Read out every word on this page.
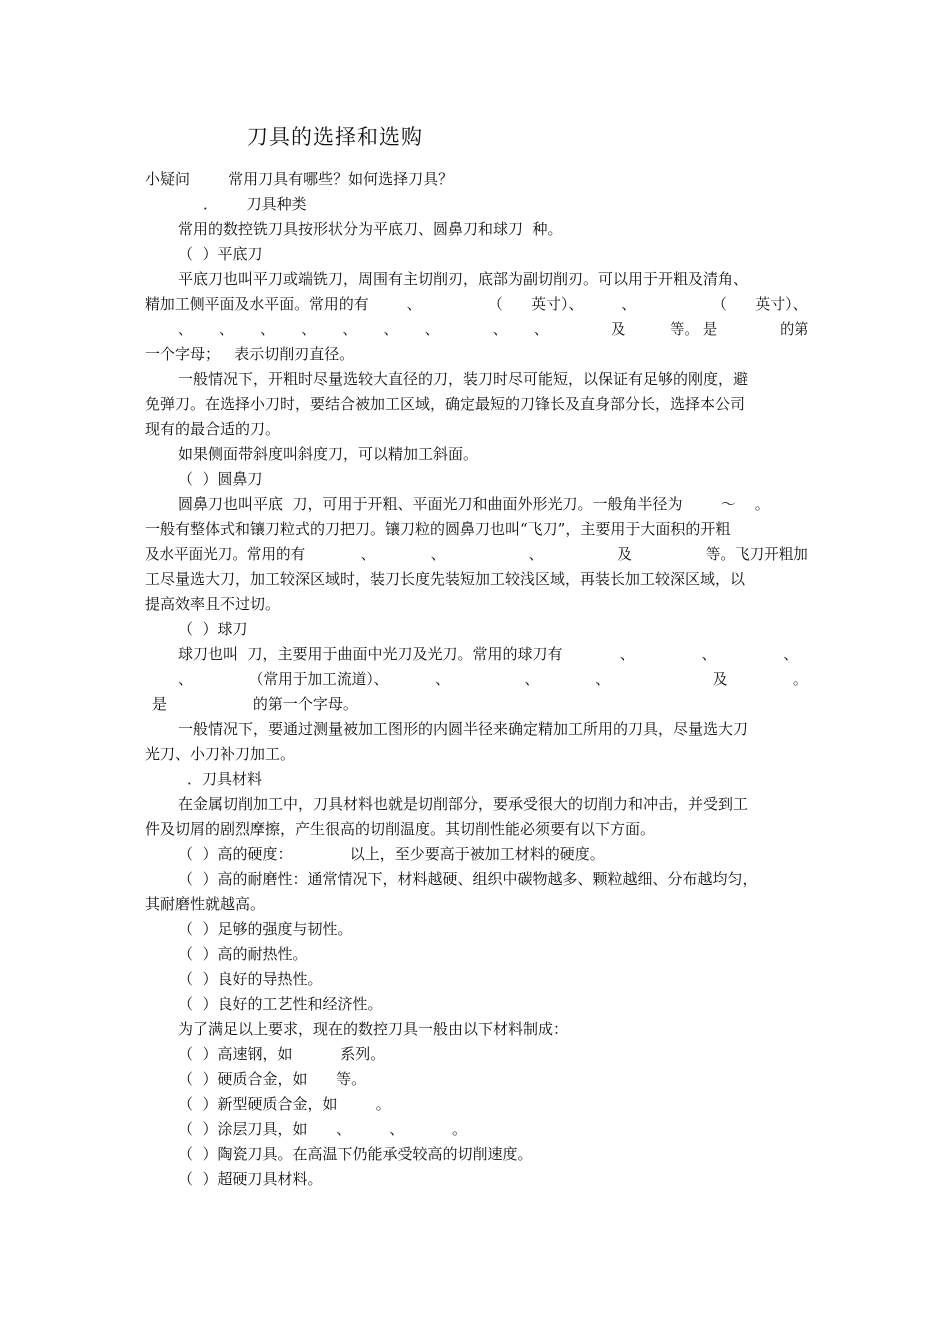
刀具的选择和选购
小疑问        常用刀具有哪些？如何选择刀具？
．      刀具种类
常用的数控铣刀具按形状分为平底刀、圆鼻刀和球刀  种。
（  ）平底刀
平底刀也叫平刀或端铣刀，周围有主切削刃，底部为副切削刃。可以用于开粗及清角、
精加工侧平面及水平面。常用的有        、              （      英寸）、        、                （      英寸）、
、      、      、      、      、      、      、            、      、              及          等。 是              的第
一个字母；   表示切削刃直径。
一般情况下，开粗时尽量选较大直径的刀，装刀时尽可能短，以保证有足够的刚度，避
免弹刀。在选择小刀时，要结合被加工区域，确定最短的刀锋长及直身部分长，选择本公司
现有的最合适的刀。
如果侧面带斜度叫斜度刀，可以精加工斜面。
（  ）圆鼻刀
圆鼻刀也叫平底  刀，可用于开粗、平面光刀和曲面外形光刀。一般角半径为        ～    。
一般有整体式和镶刀粒式的刀把刀。镶刀粒的圆鼻刀也叫“飞刀”，主要用于大面积的开粗
及水平面光刀。常用的有            、            、                  、                及                等。飞刀开粗加
工尽量选大刀，加工较深区域时，装刀长度先装短加工较浅区域，再装长加工较深区域，以
提高效率且不过切。
（  ）球刀
球刀也叫  刀，主要用于曲面中光刀及光刀。常用的球刀有            、              、              、
、            （常用于加工流道）、          、                、            、                      及              。
是                  的第一个字母。
一般情况下，要通过测量被加工图形的内圆半径来确定精加工所用的刀具，尽量选大刀
光刀、小刀补刀加工。
．刀具材料
在金属切削加工中，刀具材料也就是切削部分，要承受很大的切削力和冲击，并受到工
件及切屑的剧烈摩擦，产生很高的切削温度。其切削性能必须要有以下方面。
（  ）高的硬度：            以上，至少要高于被加工材料的硬度。
（  ）高的耐磨性：通常情况下，材料越硬、组织中碳物越多、颗粒越细、分布越均匀，
其耐磨性就越高。
（  ）足够的强度与韧性。
（  ）高的耐热性。
（  ）良好的导热性。
（  ）良好的工艺性和经济性。
为了满足以上要求，现在的数控刀具一般由以下材料制成：
（  ）高速钢，如          系列。
（  ）硬质合金，如      等。
（  ）新型硬质合金，如        。
（  ）涂层刀具，如      、        、          。
（  ）陶瓷刀具。在高温下仍能承受较高的切削速度。
（  ）超硬刀具材料。
